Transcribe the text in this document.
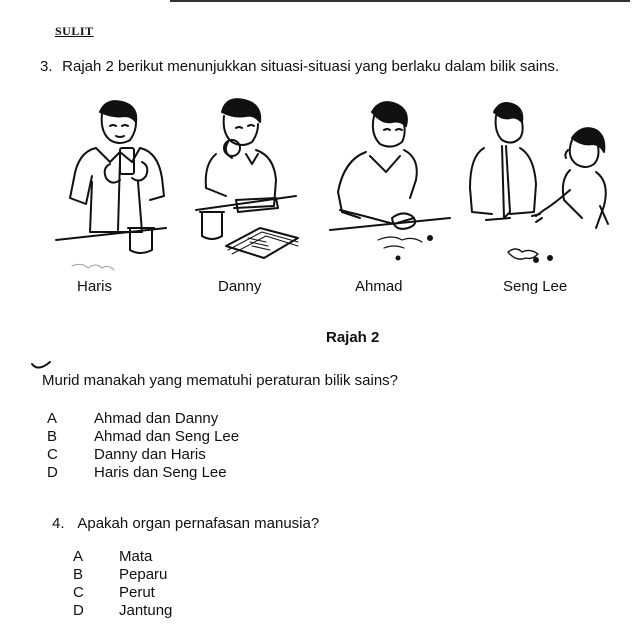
SULIT
3. Rajah 2 berikut menunjukkan situasi-situasi yang berlaku dalam bilik sains.
Haris	Danny	Ahmad	Seng Lee
Rajah 2
Murid manakah yang mematuhi peraturan bilik sains?
A Ahmad dan Danny
B Ahmad dan Seng Lee
C Danny dan Haris
D Haris dan Seng Lee
4. Apakah organ pernafasan manusia?
A Mata
B Peparu
C Perut
D Jantung
